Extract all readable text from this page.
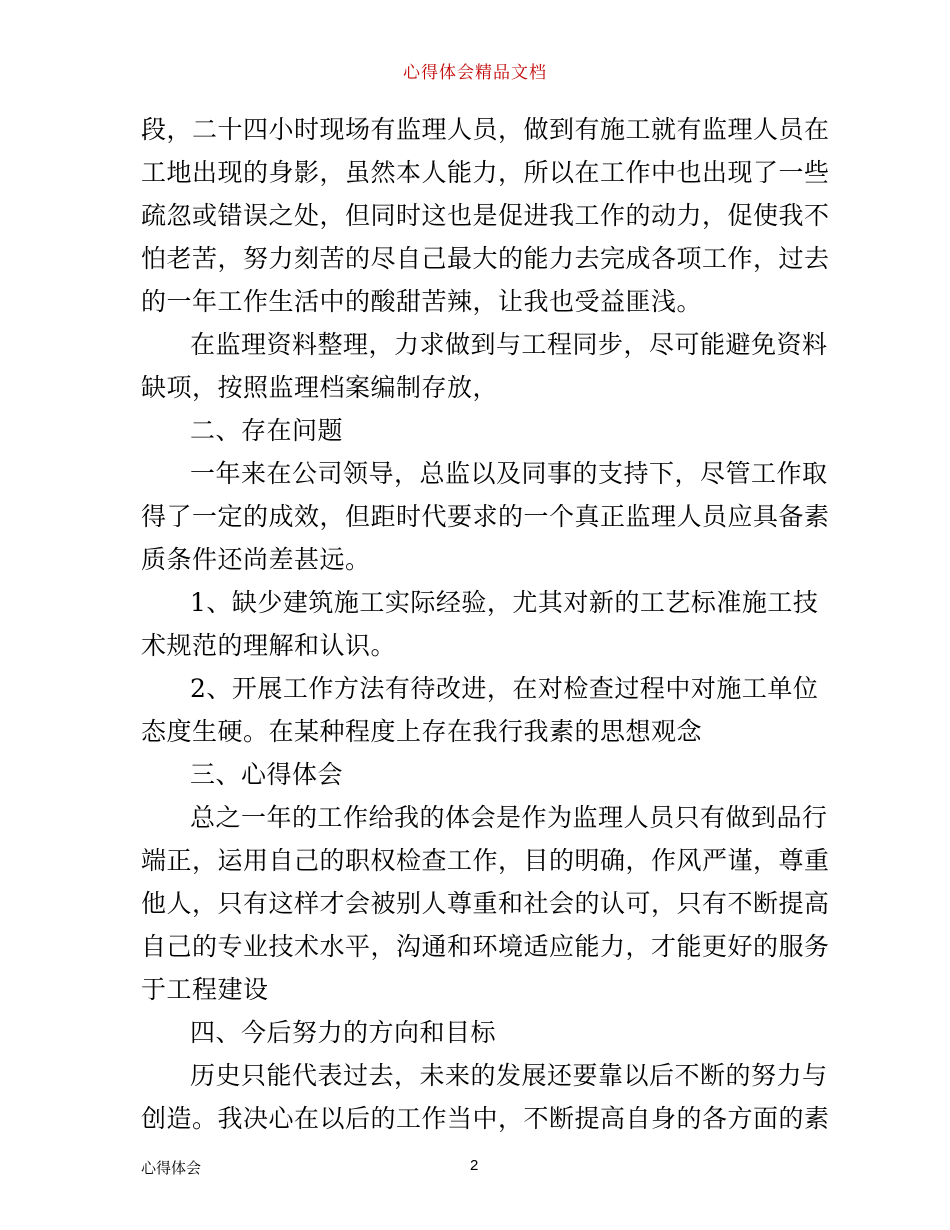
心得体会精品文档
段，二十四小时现场有监理人员，做到有施工就有监理人员在
工地出现的身影，虽然本人能力，所以在工作中也出现了一些
疏忽或错误之处，但同时这也是促进我工作的动力，促使我不
怕老苦，努力刻苦的尽自己最大的能力去完成各项工作，过去
的一年工作生活中的酸甜苦辣，让我也受益匪浅。
在监理资料整理，力求做到与工程同步，尽可能避免资料
缺项，按照监理档案编制存放，
二、存在问题
一年来在公司领导，总监以及同事的支持下，尽管工作取
得了一定的成效，但距时代要求的一个真正监理人员应具备素
质条件还尚差甚远。
1、缺少建筑施工实际经验，尤其对新的工艺标准施工技
术规范的理解和认识。
2、开展工作方法有待改进，在对检查过程中对施工单位
态度生硬。在某种程度上存在我行我素的思想观念
三、心得体会
总之一年的工作给我的体会是作为监理人员只有做到品行
端正，运用自己的职权检查工作，目的明确，作风严谨，尊重
他人，只有这样才会被别人尊重和社会的认可，只有不断提高
自己的专业技术水平，沟通和环境适应能力，才能更好的服务
于工程建设
四、今后努力的方向和目标
历史只能代表过去，未来的发展还要靠以后不断的努力与
创造。我决心在以后的工作当中，不断提高自身的各方面的素
心得体会	2
